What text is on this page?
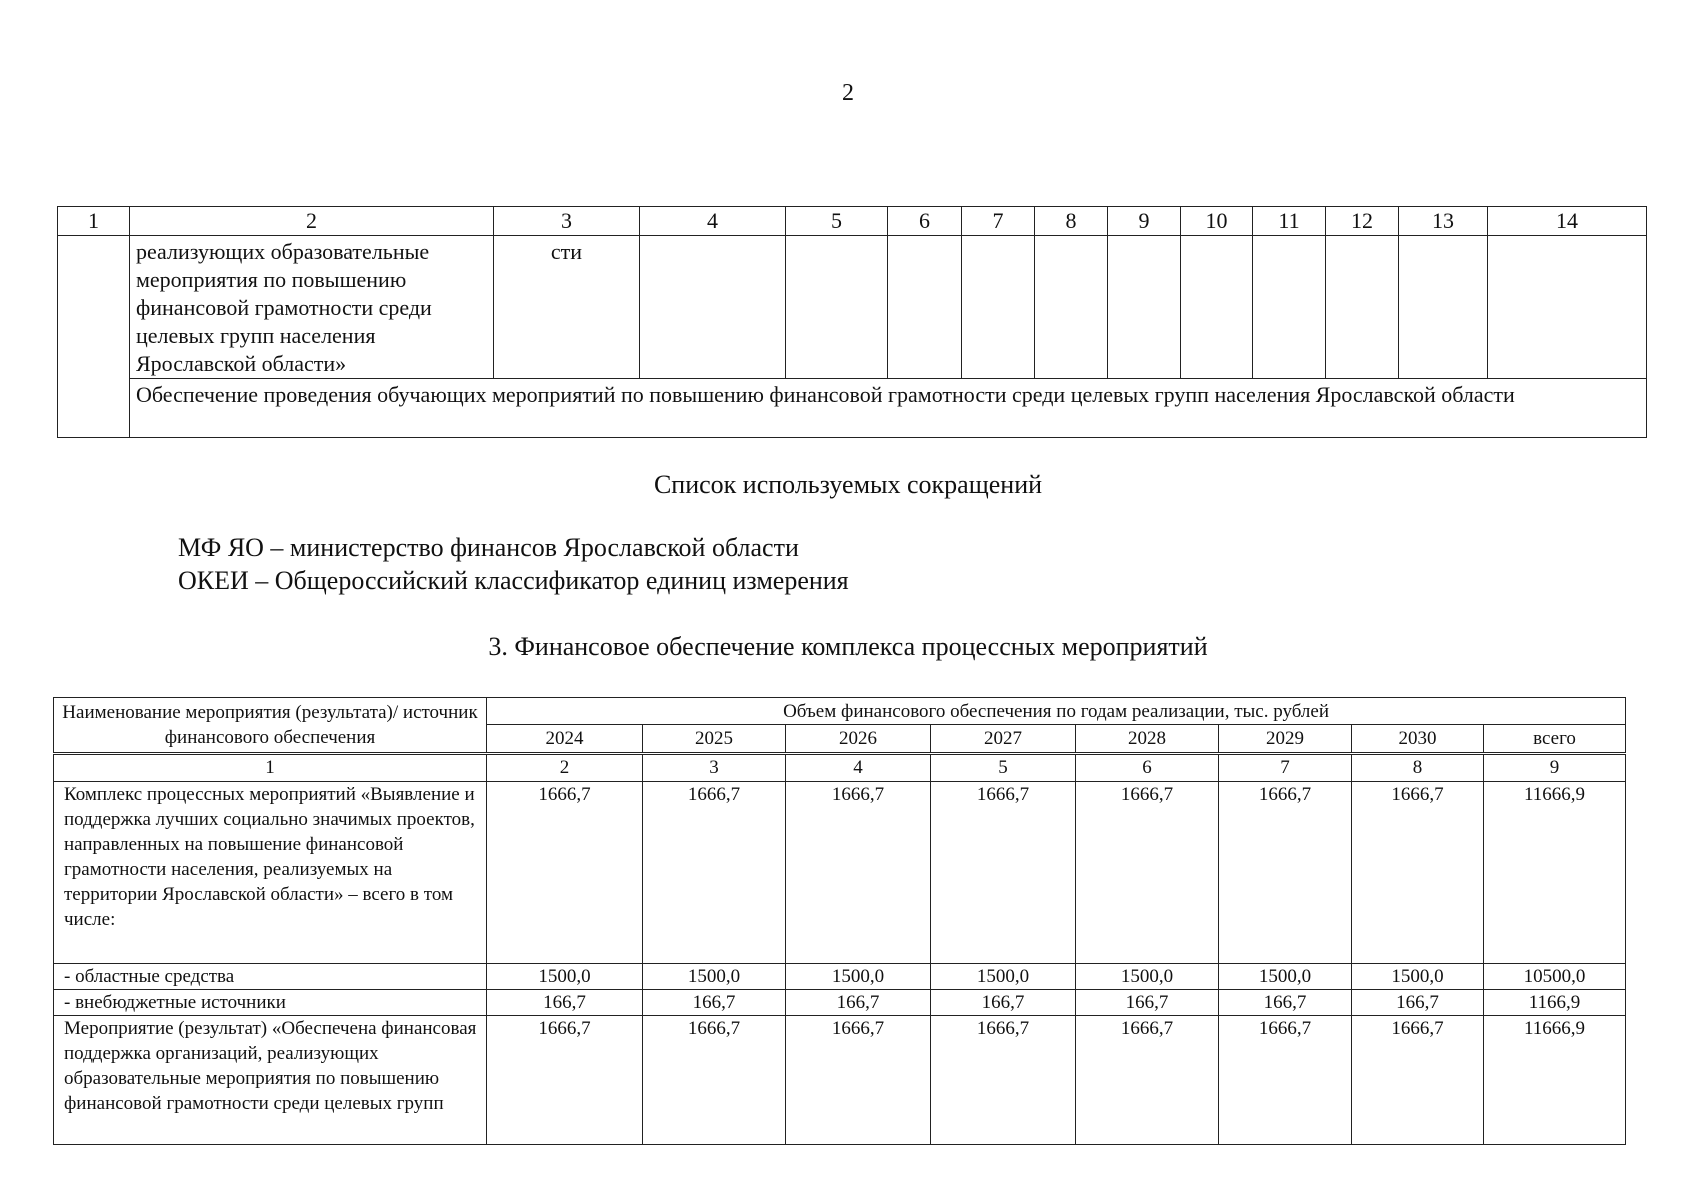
2
1	2	3	4	5	6	7	8	9	10	11	12	13	14
	реализующих образовательные мероприятия по повышению финансовой грамотности среди целевых групп населения Ярославской области»	сти											
	Обеспечение проведения обучающих мероприятий по повышению финансовой грамотности среди целевых групп населения Ярославской области												
Список используемых сокращений
МФ ЯО – министерство финансов Ярославской области
ОКЕИ – Общероссийский классификатор единиц измерения
3. Финансовое обеспечение комплекса процессных мероприятий
Наименование мероприятия (результата)/ источник финансового обеспечения	Объем финансового обеспечения по годам реализации, тыс. рублей							
	2024	2025	2026	2027	2028	2029	2030	всего
1	2	3	4	5	6	7	8	9
Комплекс процессных мероприятий «Выявление и поддержка лучших социально значимых проектов, направленных на повышение финансовой грамотности населения, реализуемых на территории Ярославской области» – всего в том числе:	1666,7	1666,7	1666,7	1666,7	1666,7	1666,7	1666,7	11666,9
- областные средства	1500,0	1500,0	1500,0	1500,0	1500,0	1500,0	1500,0	10500,0
- внебюджетные источники	166,7	166,7	166,7	166,7	166,7	166,7	166,7	1166,9
Мероприятие (результат) «Обеспечена финансовая поддержка организаций, реализующих образовательные мероприятия по повышению финансовой грамотности среди целевых групп	1666,7	1666,7	1666,7	1666,7	1666,7	1666,7	1666,7	11666,9
